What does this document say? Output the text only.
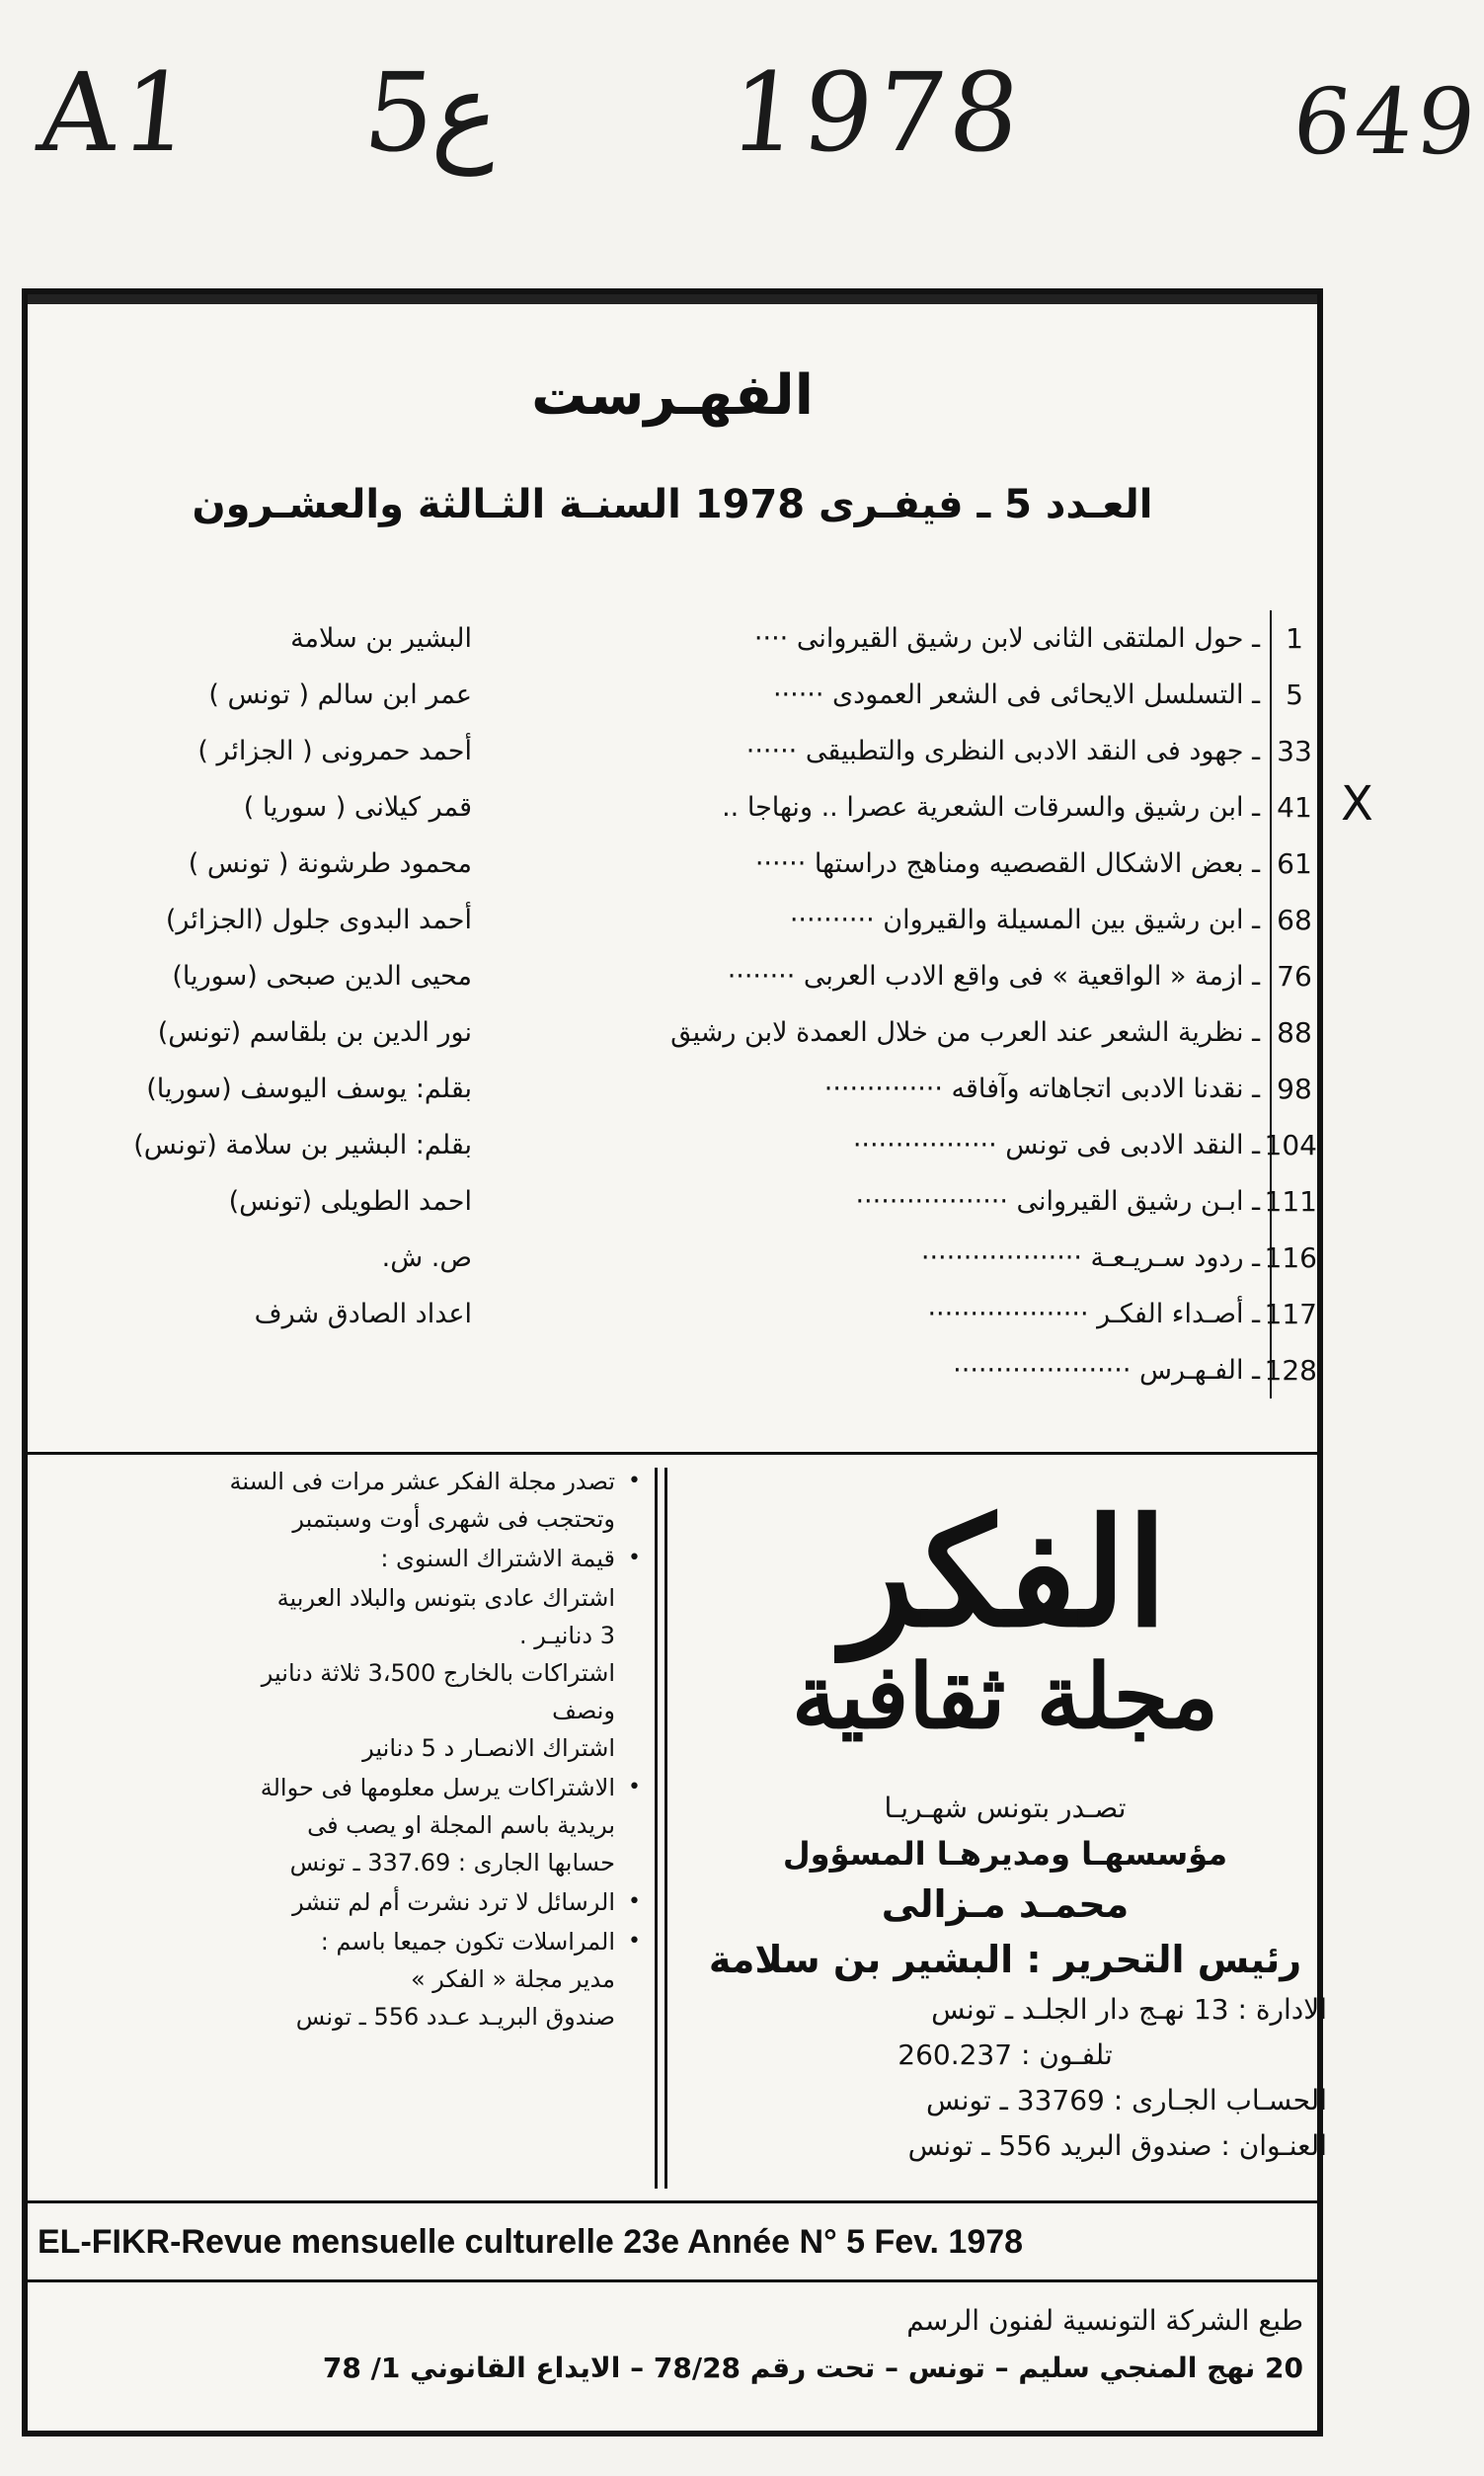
A1 5ع 1978	649
X
الفهـرست
العـدد 5 ـ فيفـرى 1978 السنـة الثـالثة والعشـرون
1
ـ حول الملتقى الثانى لابن رشيق القيروانى ····
البشير بن سلامة
5
ـ التسلسل الايحائى فى الشعر العمودى ······
عمر ابن سالم ( تونس )
33
ـ جهود فى النقد الادبى النظرى والتطبيقى ······
أحمد حمرونى ( الجزائر )
41
ـ ابن رشيق والسرقات الشعرية عصرا .. ونهاجا ..
قمر كيلانى ( سوريا )
61
ـ بعض الاشكال القصصيه ومناهج دراستها ······
محمود طرشونة ( تونس )
68
ـ ابن رشيق بين المسيلة والقيروان ··········
أحمد البدوى جلول (الجزائر)
76
ـ ازمة « الواقعية » فى واقع الادب العربى ········
محيى الدين صبحى (سوريا)
88
ـ نظرية الشعر عند العرب من خلال العمدة لابن رشيق
نور الدين بن بلقاسم (تونس)
98
ـ نقدنا الادبى اتجاهاته وآفاقه ··············
بقلم: يوسف اليوسف (سوريا)
104
ـ النقد الادبى فى تونس ·················
بقلم: البشير بن سلامة (تونس)
111
ـ ابـن رشيق القيروانى ··················
احمد الطويلى (تونس)
116
ـ ردود سـريـعـة ···················
ص. ش.
117
ـ أصـداء الفكـر ···················
اعداد الصادق شرف
128
ـ الفـهـرس ·····················
•
تصدر مجلة الفكر عشر مرات فى السنة
وتحتجب فى شهرى أوت وسبتمبر
•
قيمة الاشتراك السنوى :
اشتراك عادى بتونس والبلاد العربية
3 دنانيـر .
اشتراكات بالخارج 3،500 ثلاثة دنانير
ونصف
اشتراك الانصـار د 5 دنانير
•
الاشتراكات يرسل معلومها فى حوالة
بريدية باسم المجلة او يصب فى
حسابها الجارى : 337.69 ـ تونس
•
الرسائل لا ترد نشرت أم لم تنشر
•
المراسلات تكون جميعا باسم :
مدير مجلة « الفكر »
صندوق البريـد عـدد 556 ـ تونس
الفكر
مجلة ثقافية
تصـدر بتونس شهـريـا
مؤسسهـا ومديرهـا المسؤول
محمـد مـزالى
رئيس التحرير : البشير بن سلامة
الادارة : 13 نهـج دار الجلـد ـ تونس
تلفـون : 260.237
الحسـاب الجـارى : 33769 ـ تونس
العنـوان : صندوق البريد 556 ـ تونس
EL-FIKR-Revue mensuelle culturelle 23e Année N° 5 Fev. 1978
طبع الشركة التونسية لفنون الرسم
20 نهج المنجي سليم – تونس – تحت رقم 78/28 – الايداع القانوني 1/ 78
